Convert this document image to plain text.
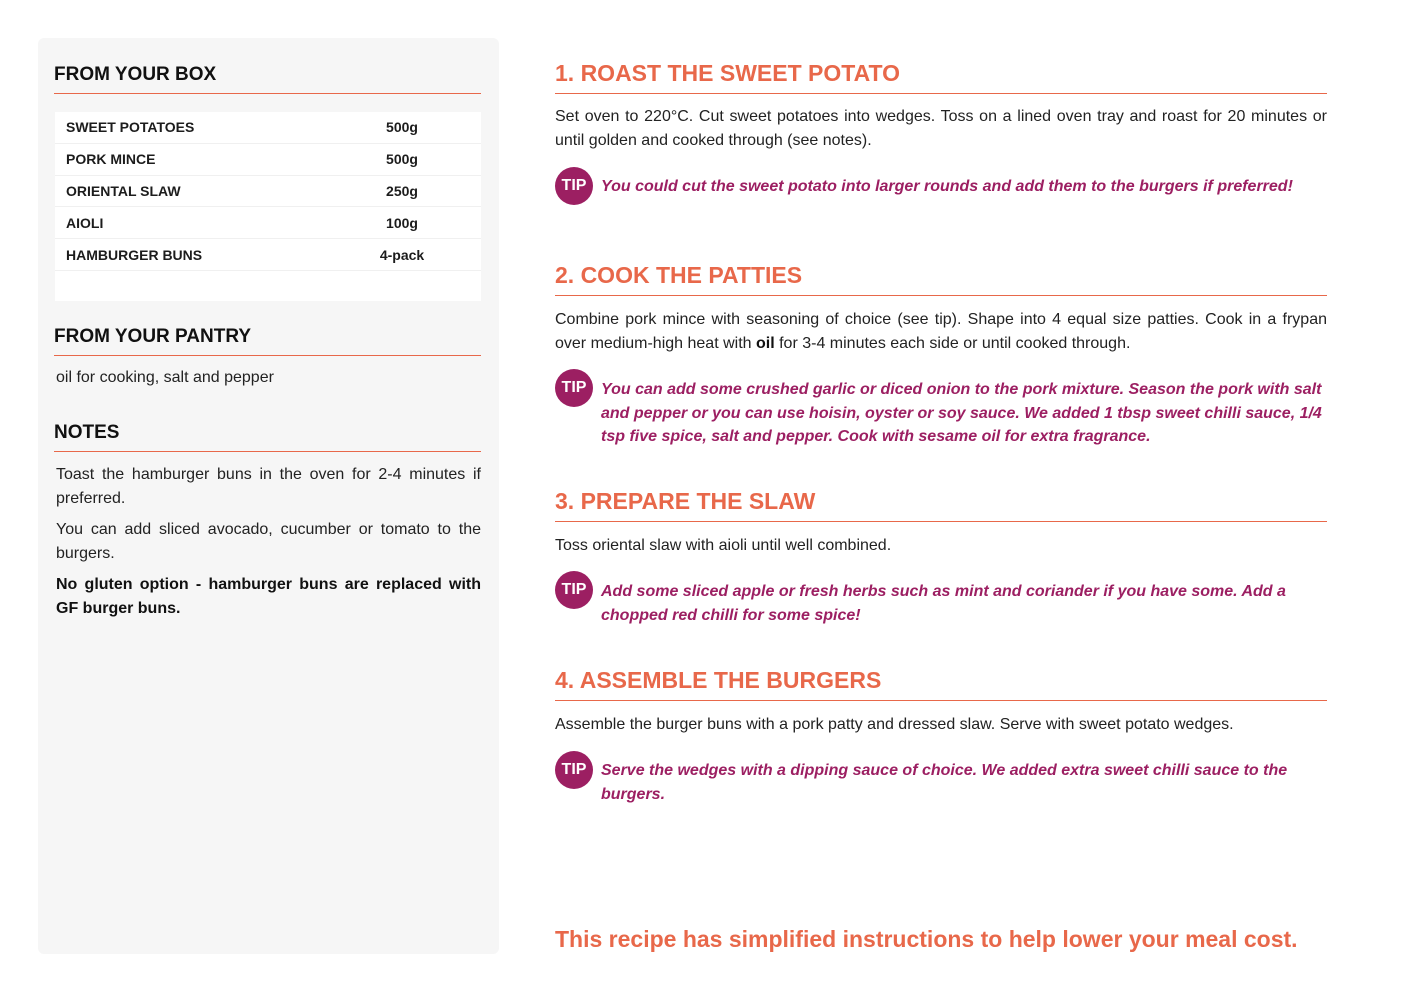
FROM YOUR BOX
SWEET POTATOES	500g
PORK MINCE	500g
ORIENTAL SLAW	250g
AIOLI	100g
HAMBURGER BUNS	4-pack
FROM YOUR PANTRY
oil for cooking, salt and pepper
NOTES

Toast the hamburger buns in the oven for 2-4 minutes if preferred.

You can add sliced avocado, cucumber or tomato to the burgers.

No gluten option - hamburger buns are replaced with GF burger buns.

1. ROAST THE SWEET POTATO
Set oven to 220°C. Cut sweet potatoes into wedges. Toss on a lined oven tray and roast for 20 minutes or until golden and cooked through (see notes).
TIP You could cut the sweet potato into larger rounds and add them to the burgers if preferred!
2. COOK THE PATTIES
Combine pork mince with seasoning of choice (see tip). Shape into 4 equal size patties. Cook in a frypan over medium-high heat with oil for 3-4 minutes each side or until cooked through.
TIP You can add some crushed garlic or diced onion to the pork mixture. Season the pork with salt and pepper or you can use hoisin, oyster or soy sauce. We added 1 tbsp sweet chilli sauce, 1/4 tsp five spice, salt and pepper. Cook with sesame oil for extra fragrance.
3. PREPARE THE SLAW
Toss oriental slaw with aioli until well combined.
TIP Add some sliced apple or fresh herbs such as mint and coriander if you have some. Add a chopped red chilli for some spice!
4. ASSEMBLE THE BURGERS
Assemble the burger buns with a pork patty and dressed slaw. Serve with sweet potato wedges.
TIP Serve the wedges with a dipping sauce of choice. We added extra sweet chilli sauce to the burgers.
This recipe has simplified instructions to help lower your meal cost.
